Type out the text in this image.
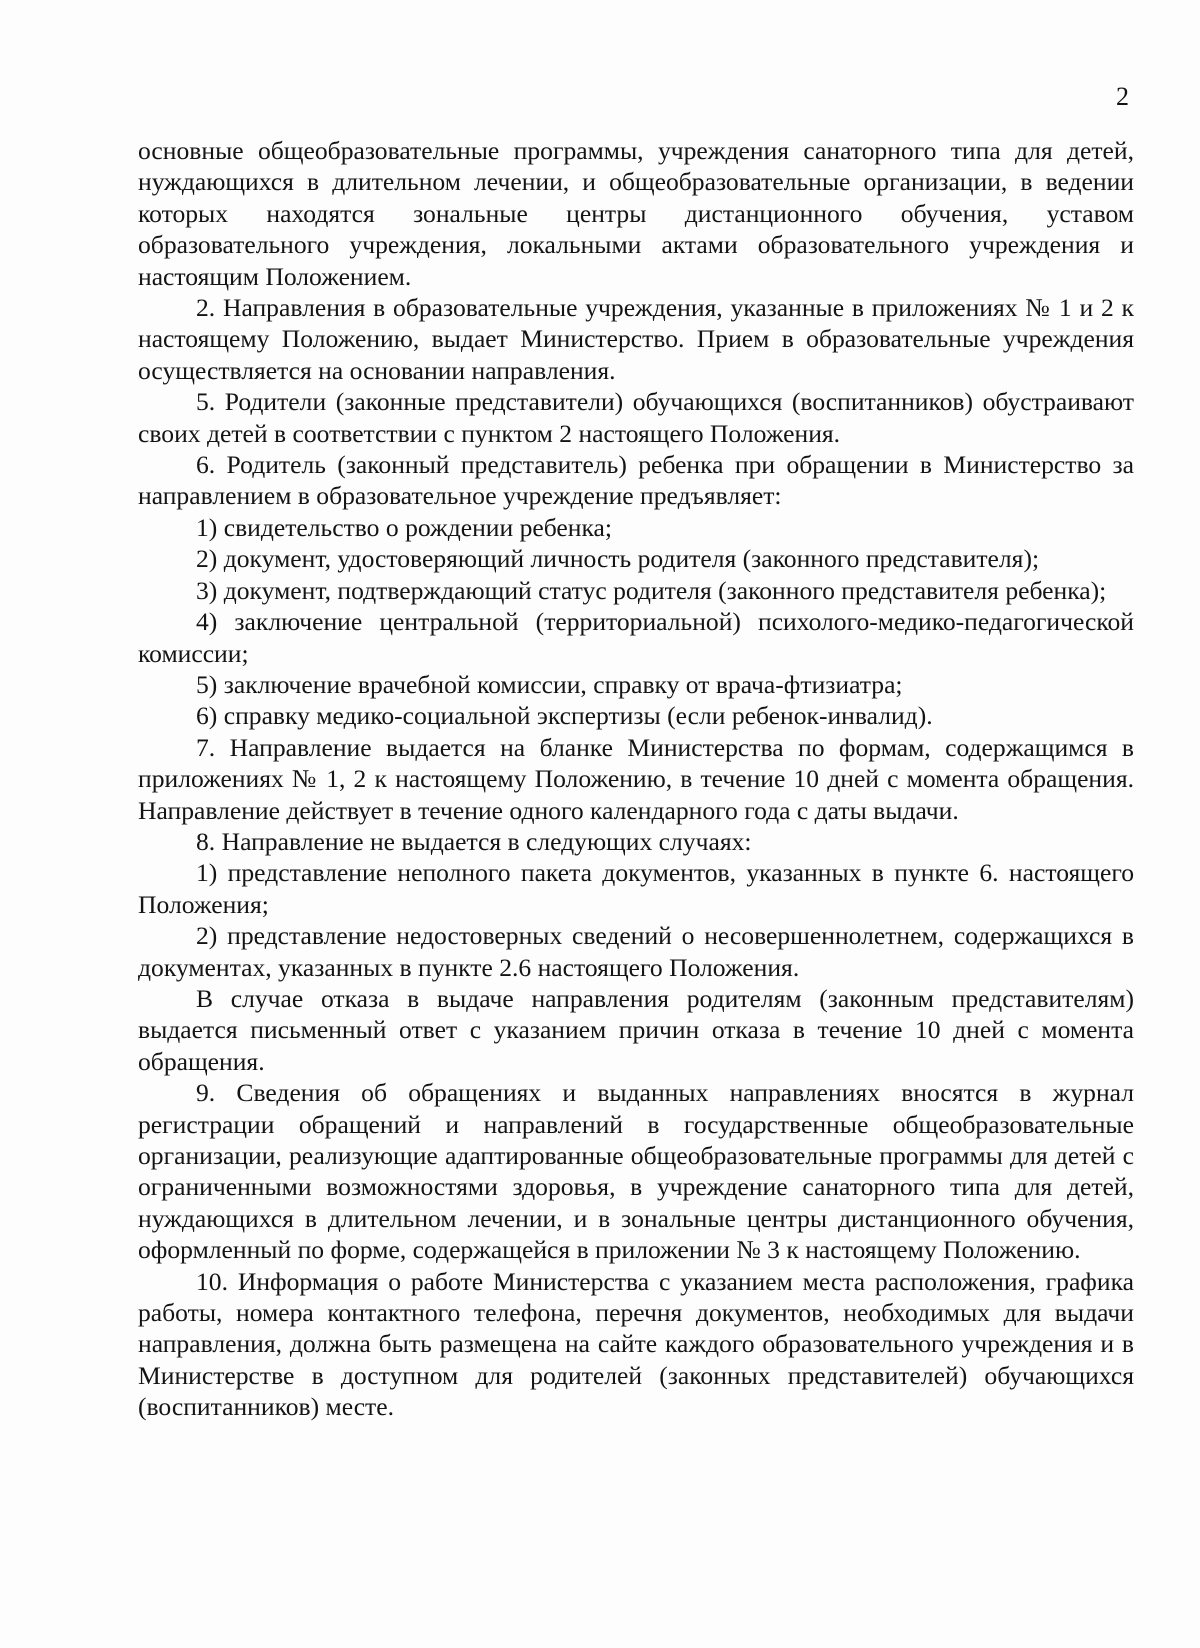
2

основные общеобразовательные программы, учреждения санаторного типа для детей, нуждающихся в длительном лечении, и общеобразовательные организации, в ведении которых находятся зональные центры дистанционного обучения, уставом образовательного учреждения, локальными актами образовательного учреждения и настоящим Положением.

2. Направления в образовательные учреждения, указанные в приложениях № 1 и 2 к настоящему Положению, выдает Министерство. Прием в образовательные учреждения осуществляется на основании направления.

5. Родители (законные представители) обучающихся (воспитанников) обустраивают своих детей в соответствии с пунктом 2 настоящего Положения.

6. Родитель (законный представитель) ребенка при обращении в Министерство за направлением в образовательное учреждение предъявляет:

1) свидетельство о рождении ребенка;

2) документ, удостоверяющий личность родителя (законного представителя);

3) документ, подтверждающий статус родителя (законного представителя ребенка);

4) заключение центральной (территориальной) психолого-медико-педагогической комиссии;

5) заключение врачебной комиссии, справку от врача-фтизиатра;

6) справку медико-социальной экспертизы (если ребенок-инвалид).

7. Направление выдается на бланке Министерства по формам, содержащимся в приложениях № 1, 2 к настоящему Положению, в течение 10 дней с момента обращения. Направление действует в течение одного календарного года с даты выдачи.

8. Направление не выдается в следующих случаях:

1) представление неполного пакета документов, указанных в пункте 6. настоящего Положения;

2) представление недостоверных сведений о несовершеннолетнем, содержащихся в документах, указанных в пункте 2.6 настоящего Положения.

В случае отказа в выдаче направления родителям (законным представителям) выдается письменный ответ с указанием причин отказа в течение 10 дней с момента обращения.

9. Сведения об обращениях и выданных направлениях вносятся в журнал регистрации обращений и направлений в государственные общеобразовательные организации, реализующие адаптированные общеобразовательные программы для детей с ограниченными возможностями здоровья, в учреждение санаторного типа для детей, нуждающихся в длительном лечении, и в зональные центры дистанционного обучения, оформленный по форме, содержащейся в приложении № 3 к настоящему Положению.

10. Информация о работе Министерства с указанием места расположения, графика работы, номера контактного телефона, перечня документов, необходимых для выдачи направления, должна быть размещена на сайте каждого образовательного учреждения и в Министерстве в доступном для родителей (законных представителей) обучающихся (воспитанников) месте.
